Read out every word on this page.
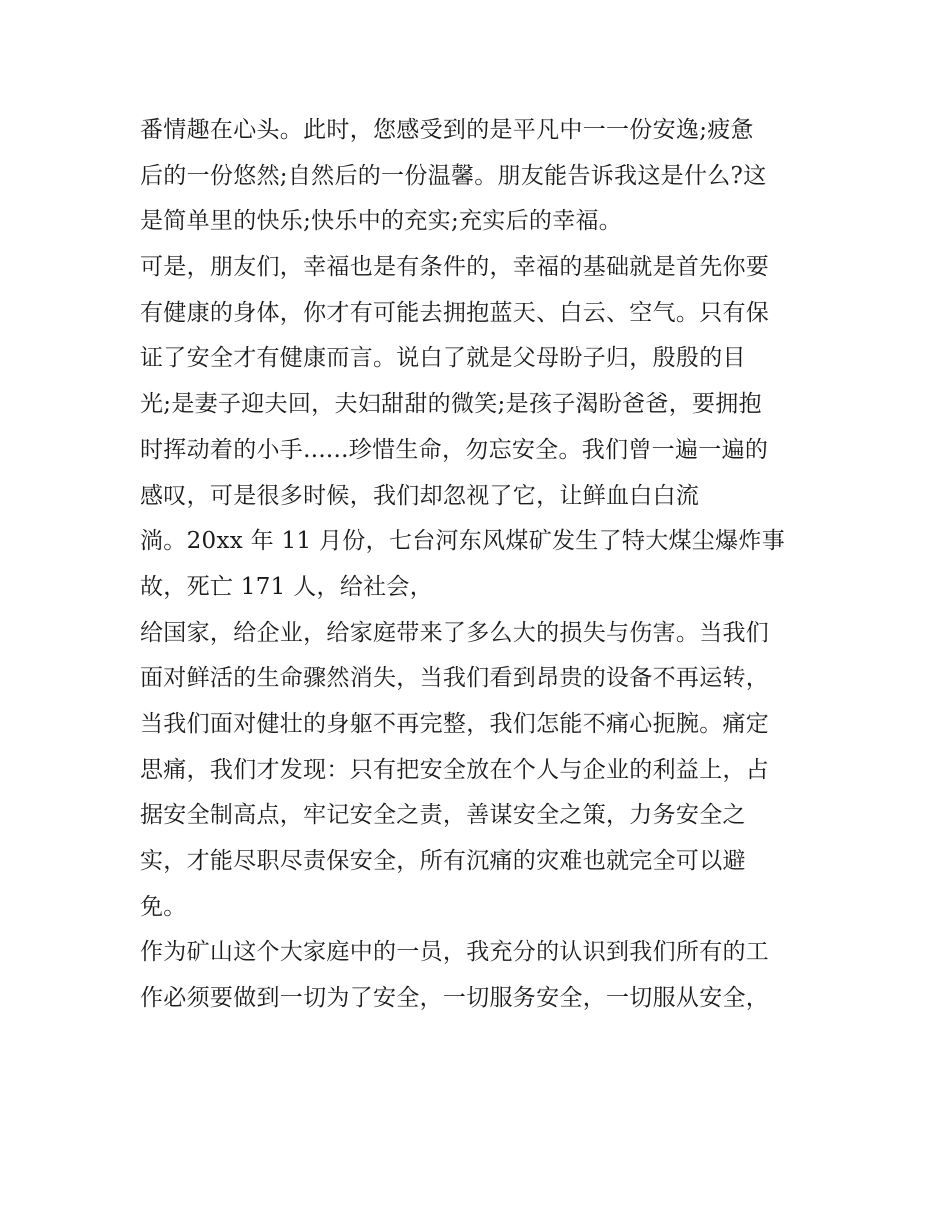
番情趣在心头。此时，您感受到的是平凡中一一份安逸;疲惫
后的一份悠然;自然后的一份温馨。朋友能告诉我这是什么?这
是简单里的快乐;快乐中的充实;充实后的幸福。
可是，朋友们，幸福也是有条件的，幸福的基础就是首先你要
有健康的身体，你才有可能去拥抱蓝天、白云、空气。只有保
证了安全才有健康而言。说白了就是父母盼子归，殷殷的目
光;是妻子迎夫回，夫妇甜甜的微笑;是孩子渴盼爸爸，要拥抱
时挥动着的小手......珍惜生命，勿忘安全。我们曾一遍一遍的
感叹，可是很多时候，我们却忽视了它，让鲜血白白流
淌。20xx 年 11 月份，七台河东风煤矿发生了特大煤尘爆炸事
故，死亡 171 人，给社会，
给国家，给企业，给家庭带来了多么大的损失与伤害。当我们
面对鲜活的生命骤然消失，当我们看到昂贵的设备不再运转，
当我们面对健壮的身躯不再完整，我们怎能不痛心扼腕。痛定
思痛，我们才发现：只有把安全放在个人与企业的利益上，占
据安全制高点，牢记安全之责，善谋安全之策，力务安全之
实，才能尽职尽责保安全，所有沉痛的灾难也就完全可以避
免。
作为矿山这个大家庭中的一员，我充分的认识到我们所有的工
作必须要做到一切为了安全，一切服务安全，一切服从安全，
